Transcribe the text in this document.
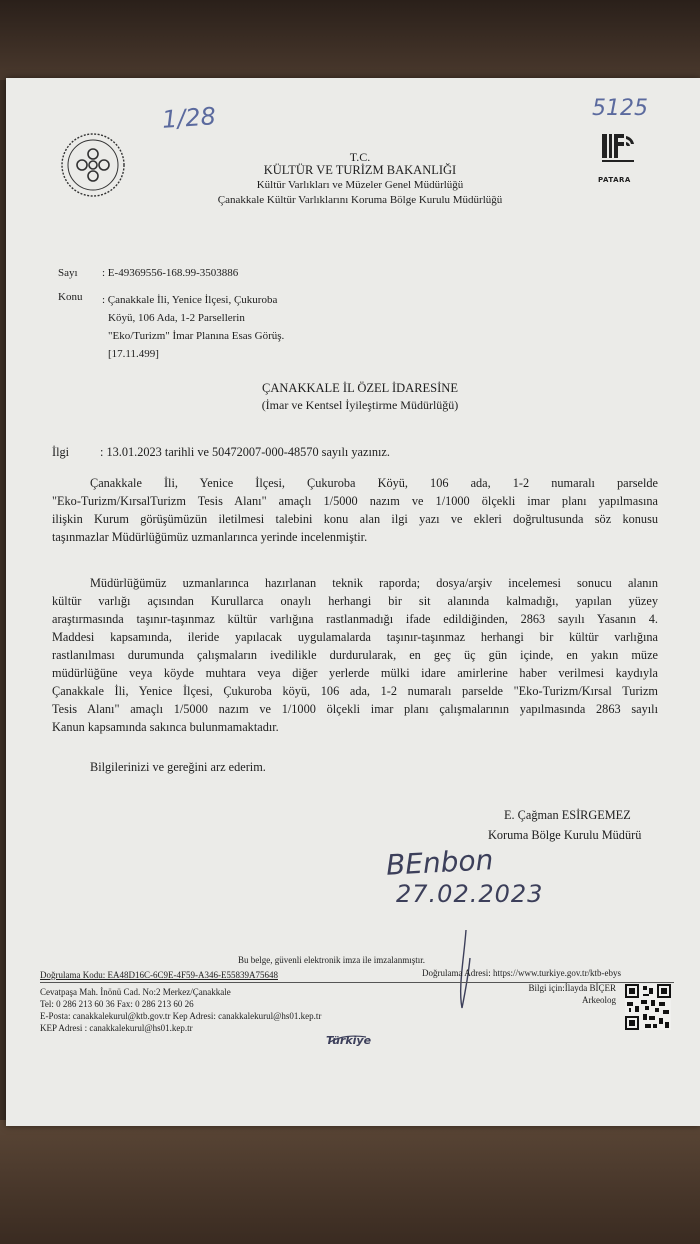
1/28	5125
PATARA
T.C.
KÜLTÜR VE TURİZM BAKANLIĞI
Kültür Varlıkları ve Müzeler Genel Müdürlüğü
Çanakkale Kültür Varlıklarını Koruma Bölge Kurulu Müdürlüğü
Sayı : E-49369556-168.99-3503886
Konu : Çanakkale İli, Yenice İlçesi, Çukuroba
Köyü, 106 Ada, 1-2 Parsellerin
"Eko/Turizm" İmar Planına Esas Görüş.
[17.11.499]
ÇANAKKALE İL ÖZEL İDARESİNE
(İmar ve Kentsel İyileştirme Müdürlüğü)
İlgi	: 13.01.2023 tarihli ve 50472007-000-48570 sayılı yazınız.
Çanakkale İli, Yenice İlçesi, Çukuroba Köyü, 106 ada, 1-2 numaralı parselde
"Eko-Turizm/KırsalTurizm Tesis Alanı" amaçlı 1/5000 nazım ve 1/1000 ölçekli imar planı yapılmasına
ilişkin Kurum görüşümüzün iletilmesi talebini konu alan ilgi yazı ve ekleri doğrultusunda söz konusu
taşınmazlar Müdürlüğümüz uzmanlarınca yerinde incelenmiştir.
Müdürlüğümüz uzmanlarınca hazırlanan teknik raporda; dosya/arşiv incelemesi sonucu alanın
kültür varlığı açısından Kurullarca onaylı herhangi bir sit alanında kalmadığı, yapılan yüzey
araştırmasında taşınır-taşınmaz kültür varlığına rastlanmadığı ifade edildiğinden, 2863 sayılı Yasanın 4.
Maddesi kapsamında, ileride yapılacak uygulamalarda taşınır-taşınmaz herhangi bir kültür varlığına
rastlanılması durumunda çalışmaların ivedilikle durdurularak, en geç üç gün içinde, en yakın müze
müdürlüğüne veya köyde muhtara veya diğer yerlerde mülki idare amirlerine haber verilmesi kaydıyla
Çanakkale İli, Yenice İlçesi, Çukuroba köyü, 106 ada, 1-2 numaralı parselde "Eko-Turizm/Kırsal Turizm
Tesis Alanı" amaçlı 1/5000 nazım ve 1/1000 ölçekli imar planı çalışmalarının yapılmasında 2863 sayılı
Kanun kapsamında sakınca bulunmamaktadır.
Bilgilerinizi ve gereğini arz ederim.
E. Çağman ESİRGEMEZ
Koruma Bölge Kurulu Müdürü
BEnbon
27.02.2023
Bu belge, güvenli elektronik imza ile imzalanmıştır.
Doğrulama Kodu: EA48D16C-6C9E-4F59-A346-E55839A75648	Doğrulama Adresi: https://www.turkiye.gov.tr/ktb-ebys
Cevatpaşa Mah. İnönü Cad. No:2 Merkez/Çanakkale
Tel: 0 286 213 60 36 Fax: 0 286 213 60 26
E-Posta: canakkalekurul@ktb.gov.tr Kep Adresi: canakkalekurul@hs01.kep.tr
KEP Adresi : canakkalekurul@hs01.kep.tr
Bilgi için:İlayda BİÇER
Arkeolog
Türkiye
